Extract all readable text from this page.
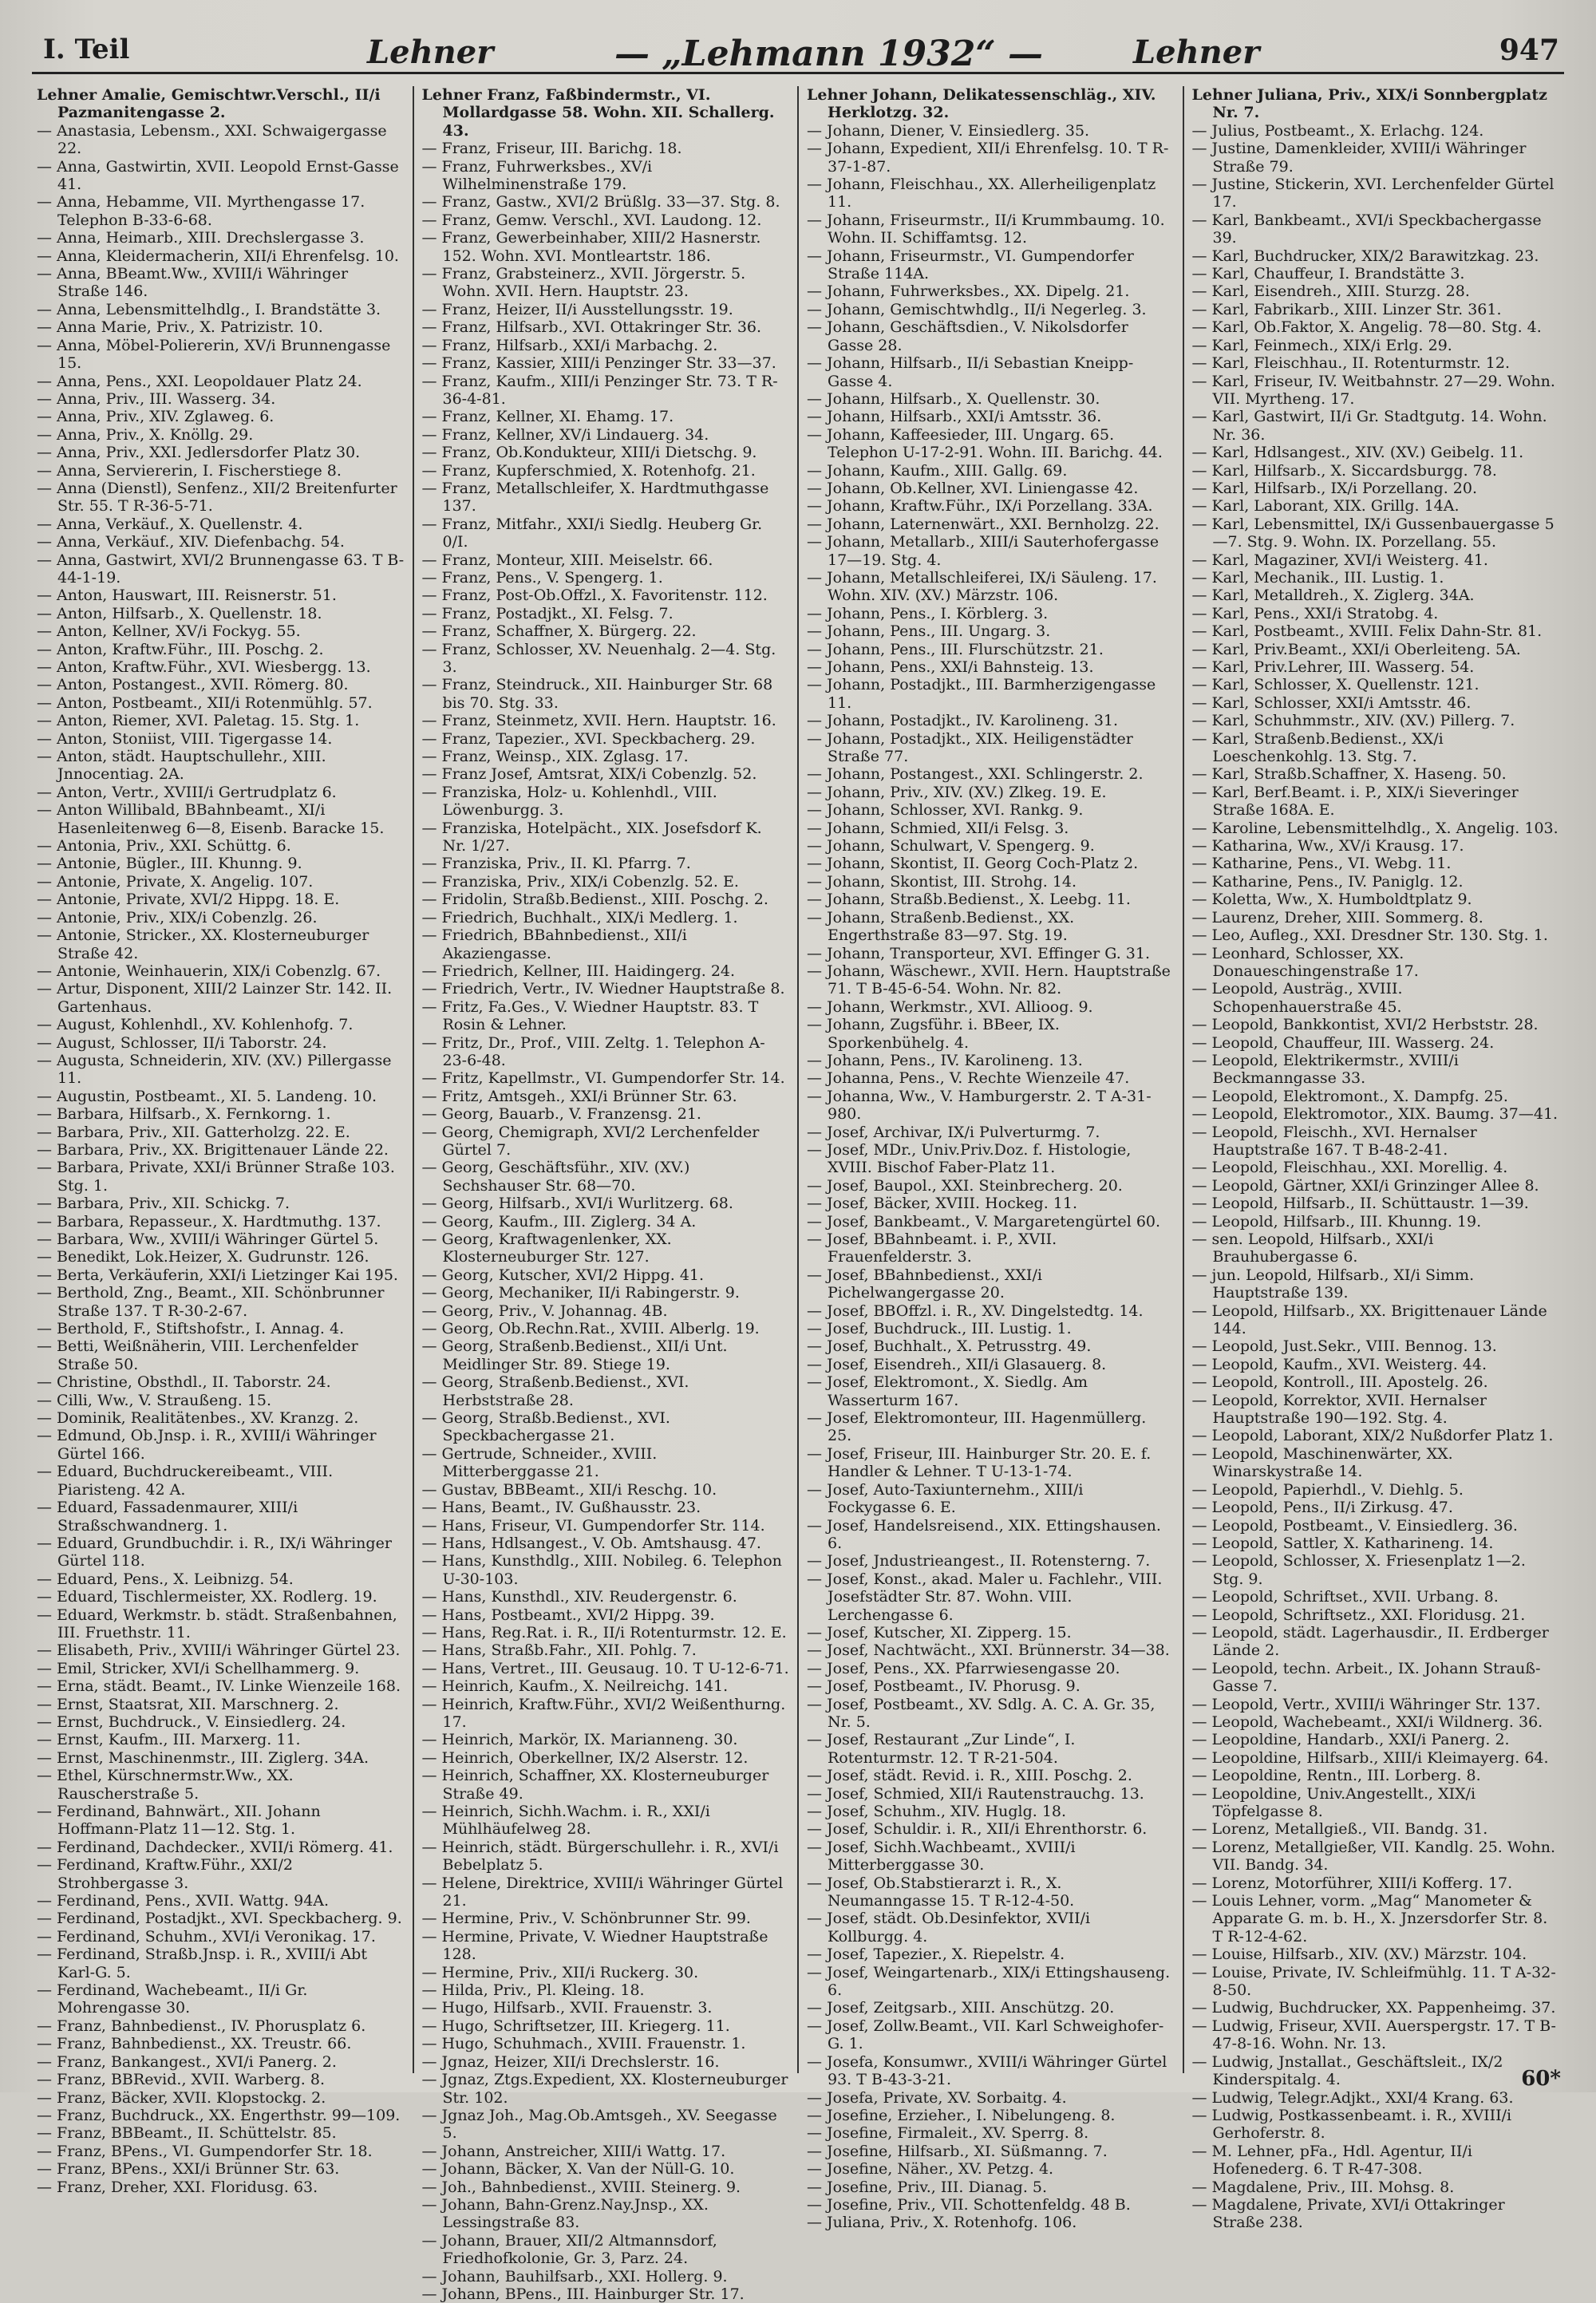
I. Teil	Lehner	— „Lehmann 1932“ —	Lehner	947
Lehner Amalie, Gemischtwr.Verschl., II/i Pazmanitengasse 2.
— Anastasia, Lebensm., XXI. Schwaigergasse 22.
— Anna, Gastwirtin, XVII. Leopold Ernst-Gasse 41.
— Anna, Hebamme, VII. Myrthengasse 17. Telephon B-33-6-68.
— Anna, Heimarb., XIII. Drechslergasse 3.
— Anna, Kleidermacherin, XII/i Ehrenfelsg. 10.
— Anna, BBeamt.Ww., XVIII/i Währinger Straße 146.
— Anna, Lebensmittelhdlg., I. Brandstätte 3.
— Anna Marie, Priv., X. Patrizistr. 10.
— Anna, Möbel-Poliererin, XV/i Brunnengasse 15.
— Anna, Pens., XXI. Leopoldauer Platz 24.
— Anna, Priv., III. Wasserg. 34.
— Anna, Priv., XIV. Zglaweg. 6.
— Anna, Priv., X. Knöllg. 29.
— Anna, Priv., XXI. Jedlersdorfer Platz 30.
— Anna, Serviererin, I. Fischerstiege 8.
— Anna (Dienstl), Senfenz., XII/2 Breitenfurter Str. 55. T R-36-5-71.
— Anna, Verkäuf., X. Quellenstr. 4.
— Anna, Verkäuf., XIV. Diefenbachg. 54.
— Anna, Gastwirt, XVI/2 Brunnengasse 63. T B-44-1-19.
— Anton, Hauswart, III. Reisnerstr. 51.
— Anton, Hilfsarb., X. Quellenstr. 18.
— Anton, Kellner, XV/i Fockyg. 55.
— Anton, Kraftw.Führ., III. Poschg. 2.
— Anton, Kraftw.Führ., XVI. Wiesbergg. 13.
— Anton, Postangest., XVII. Römerg. 80.
— Anton, Postbeamt., XII/i Rotenmühlg. 57.
— Anton, Riemer, XVI. Paletag. 15. Stg. 1.
— Anton, Stoniist, VIII. Tigergasse 14.
— Anton, städt. Hauptschullehr., XIII. Jnnocentiag. 2A.
— Anton, Vertr., XVIII/i Gertrudplatz 6.
— Anton Willibald, BBahnbeamt., XI/i Hasenleitenweg 6—8, Eisenb. Baracke 15.
— Antonia, Priv., XXI. Schüttg. 6.
— Antonie, Bügler., III. Khunng. 9.
— Antonie, Private, X. Angelig. 107.
— Antonie, Private, XVI/2 Hippg. 18. E.
— Antonie, Priv., XIX/i Cobenzlg. 26.
— Antonie, Stricker., XX. Klosterneuburger Straße 42.
— Antonie, Weinhauerin, XIX/i Cobenzlg. 67.
— Artur, Disponent, XIII/2 Lainzer Str. 142. II. Gartenhaus.
— August, Kohlenhdl., XV. Kohlenhofg. 7.
— August, Schlosser, II/i Taborstr. 24.
— Augusta, Schneiderin, XIV. (XV.) Pillergasse 11.
— Augustin, Postbeamt., XI. 5. Landeng. 10.
— Barbara, Hilfsarb., X. Fernkorng. 1.
— Barbara, Priv., XII. Gatterholzg. 22. E.
— Barbara, Priv., XX. Brigittenauer Lände 22.
— Barbara, Private, XXI/i Brünner Straße 103. Stg. 1.
— Barbara, Priv., XII. Schickg. 7.
— Barbara, Repasseur., X. Hardtmuthg. 137.
— Barbara, Ww., XVIII/i Währinger Gürtel 5.
— Benedikt, Lok.Heizer, X. Gudrunstr. 126.
— Berta, Verkäuferin, XXI/i Lietzinger Kai 195.
— Berthold, Zng., Beamt., XII. Schönbrunner Straße 137. T R-30-2-67.
— Berthold, F., Stiftshofstr., I. Annag. 4.
— Betti, Weißnäherin, VIII. Lerchenfelder Straße 50.
— Christine, Obsthdl., II. Taborstr. 24.
— Cilli, Ww., V. Straußeng. 15.
— Dominik, Realitätenbes., XV. Kranzg. 2.
— Edmund, Ob.Jnsp. i. R., XVIII/i Währinger Gürtel 166.
— Eduard, Buchdruckereibeamt., VIII. Piaristeng. 42 A.
— Eduard, Fassadenmaurer, XIII/i Straßschwandnerg. 1.
— Eduard, Grundbuchdir. i. R., IX/i Währinger Gürtel 118.
— Eduard, Pens., X. Leibnizg. 54.
— Eduard, Tischlermeister, XX. Rodlerg. 19.
— Eduard, Werkmstr. b. städt. Straßenbahnen, III. Fruethstr. 11.
— Elisabeth, Priv., XVIII/i Währinger Gürtel 23.
— Emil, Stricker, XVI/i Schellhammerg. 9.
— Erna, städt. Beamt., IV. Linke Wienzeile 168.
— Ernst, Staatsrat, XII. Marschnerg. 2.
— Ernst, Buchdruck., V. Einsiedlerg. 24.
— Ernst, Kaufm., III. Marxerg. 11.
— Ernst, Maschinenmstr., III. Ziglerg. 34A.
— Ethel, Kürschnermstr.Ww., XX. Rauscherstraße 5.
— Ferdinand, Bahnwärt., XII. Johann Hoffmann-Platz 11—12. Stg. 1.
— Ferdinand, Dachdecker., XVII/i Römerg. 41.
— Ferdinand, Kraftw.Führ., XXI/2 Strohbergasse 3.
— Ferdinand, Pens., XVII. Wattg. 94A.
— Ferdinand, Postadjkt., XVI. Speckbacherg. 9.
— Ferdinand, Schuhm., XVI/i Veronikag. 17.
— Ferdinand, Straßb.Jnsp. i. R., XVIII/i Abt Karl-G. 5.
— Ferdinand, Wachebeamt., II/i Gr. Mohrengasse 30.
— Franz, Bahnbedienst., IV. Phorusplatz 6.
— Franz, Bahnbedienst., XX. Treustr. 66.
— Franz, Bankangest., XVI/i Panerg. 2.
— Franz, BBRevid., XVII. Warberg. 8.
— Franz, Bäcker, XVII. Klopstockg. 2.
— Franz, Buchdruck., XX. Engerthstr. 99—109.
— Franz, BBBeamt., II. Schüttelstr. 85.
— Franz, BPens., VI. Gumpendorfer Str. 18.
— Franz, BPens., XXI/i Brünner Str. 63.
— Franz, Dreher, XXI. Floridusg. 63.
Lehner Franz, Faßbindermstr., VI. Mollardgasse 58. Wohn. XII. Schallerg. 43.
— Franz, Friseur, III. Barichg. 18.
— Franz, Fuhrwerksbes., XV/i Wilhelminenstraße 179.
— Franz, Gastw., XVI/2 Brüßlg. 33—37. Stg. 8.
— Franz, Gemw. Verschl., XVI. Laudong. 12.
— Franz, Gewerbeinhaber, XIII/2 Hasnerstr. 152. Wohn. XVI. Montleartstr. 186.
— Franz, Grabsteinerz., XVII. Jörgerstr. 5. Wohn. XVII. Hern. Hauptstr. 23.
— Franz, Heizer, II/i Ausstellungsstr. 19.
— Franz, Hilfsarb., XVI. Ottakringer Str. 36.
— Franz, Hilfsarb., XXI/i Marbachg. 2.
— Franz, Kassier, XIII/i Penzinger Str. 33—37.
— Franz, Kaufm., XIII/i Penzinger Str. 73. T R-36-4-81.
— Franz, Kellner, XI. Ehamg. 17.
— Franz, Kellner, XV/i Lindauerg. 34.
— Franz, Ob.Kondukteur, XIII/i Dietschg. 9.
— Franz, Kupferschmied, X. Rotenhofg. 21.
— Franz, Metallschleifer, X. Hardtmuthgasse 137.
— Franz, Mitfahr., XXI/i Siedlg. Heuberg Gr. 0/I.
— Franz, Monteur, XIII. Meiselstr. 66.
— Franz, Pens., V. Spengerg. 1.
— Franz, Post-Ob.Offzl., X. Favoritenstr. 112.
— Franz, Postadjkt., XI. Felsg. 7.
— Franz, Schaffner, X. Bürgerg. 22.
— Franz, Schlosser, XV. Neuenhalg. 2—4. Stg. 3.
— Franz, Steindruck., XII. Hainburger Str. 68 bis 70. Stg. 33.
— Franz, Steinmetz, XVII. Hern. Hauptstr. 16.
— Franz, Tapezier., XVI. Speckbacherg. 29.
— Franz, Weinsp., XIX. Zglasg. 17.
— Franz Josef, Amtsrat, XIX/i Cobenzlg. 52.
— Franziska, Holz- u. Kohlenhdl., VIII. Löwenburgg. 3.
— Franziska, Hotelpächt., XIX. Josefsdorf K. Nr. 1/27.
— Franziska, Priv., II. Kl. Pfarrg. 7.
— Franziska, Priv., XIX/i Cobenzlg. 52. E.
— Fridolin, Straßb.Bedienst., XIII. Poschg. 2.
— Friedrich, Buchhalt., XIX/i Medlerg. 1.
— Friedrich, BBahnbedienst., XII/i Akaziengasse.
— Friedrich, Kellner, III. Haidingerg. 24.
— Friedrich, Vertr., IV. Wiedner Hauptstraße 8.
— Fritz, Fa.Ges., V. Wiedner Hauptstr. 83. T Rosin & Lehner.
— Fritz, Dr., Prof., VIII. Zeltg. 1. Telephon A-23-6-48.
— Fritz, Kapellmstr., VI. Gumpendorfer Str. 14.
— Fritz, Amtsgeh., XXI/i Brünner Str. 63.
— Georg, Bauarb., V. Franzensg. 21.
— Georg, Chemigraph, XVI/2 Lerchenfelder Gürtel 7.
— Georg, Geschäftsführ., XIV. (XV.) Sechshauser Str. 68—70.
— Georg, Hilfsarb., XVI/i Wurlitzerg. 68.
— Georg, Kaufm., III. Ziglerg. 34 A.
— Georg, Kraftwagenlenker, XX. Klosterneuburger Str. 127.
— Georg, Kutscher, XVI/2 Hippg. 41.
— Georg, Mechaniker, II/i Rabingerstr. 9.
— Georg, Priv., V. Johannag. 4B.
— Georg, Ob.Rechn.Rat., XVIII. Alberlg. 19.
— Georg, Straßenb.Bedienst., XII/i Unt. Meidlinger Str. 89. Stiege 19.
— Georg, Straßenb.Bedienst., XVI. Herbststraße 28.
— Georg, Straßb.Bedienst., XVI. Speckbachergasse 21.
— Gertrude, Schneider., XVIII. Mitterberggasse 21.
— Gustav, BBBeamt., XII/i Reschg. 10.
— Hans, Beamt., IV. Gußhausstr. 23.
— Hans, Friseur, VI. Gumpendorfer Str. 114.
— Hans, Hdlsangest., V. Ob. Amtshausg. 47.
— Hans, Kunsthdlg., XIII. Nobileg. 6. Telephon U-30-103.
— Hans, Kunsthdl., XIV. Reudergenstr. 6.
— Hans, Postbeamt., XVI/2 Hippg. 39.
— Hans, Reg.Rat. i. R., II/i Rotenturmstr. 12. E.
— Hans, Straßb.Fahr., XII. Pohlg. 7.
— Hans, Vertret., III. Geusaug. 10. T U-12-6-71.
— Heinrich, Kaufm., X. Neilreichg. 141.
— Heinrich, Kraftw.Führ., XVI/2 Weißenthurng. 17.
— Heinrich, Markör, IX. Marianneng. 30.
— Heinrich, Oberkellner, IX/2 Alserstr. 12.
— Heinrich, Schaffner, XX. Klosterneuburger Straße 49.
— Heinrich, Sichh.Wachm. i. R., XXI/i Mühlhäufelweg 28.
— Heinrich, städt. Bürgerschullehr. i. R., XVI/i Bebelplatz 5.
— Helene, Direktrice, XVIII/i Währinger Gürtel 21.
— Hermine, Priv., V. Schönbrunner Str. 99.
— Hermine, Private, V. Wiedner Hauptstraße 128.
— Hermine, Priv., XII/i Ruckerg. 30.
— Hilda, Priv., Pl. Kleing. 18.
— Hugo, Hilfsarb., XVII. Frauenstr. 3.
— Hugo, Schriftsetzer, III. Kriegerg. 11.
— Hugo, Schuhmach., XVIII. Frauenstr. 1.
— Jgnaz, Heizer, XII/i Drechslerstr. 16.
— Jgnaz, Ztgs.Expedient, XX. Klosterneuburger Str. 102.
— Jgnaz Joh., Mag.Ob.Amtsgeh., XV. Seegasse 5.
— Johann, Anstreicher, XIII/i Wattg. 17.
— Johann, Bäcker, X. Van der Nüll-G. 10.
— Joh., Bahnbedienst., XVIII. Steinerg. 9.
— Johann, Bahn-Grenz.Nay.Jnsp., XX. Lessingstraße 83.
— Johann, Brauer, XII/2 Altmannsdorf, Friedhofkolonie, Gr. 3, Parz. 24.
— Johann, Bauhilfsarb., XXI. Hollerg. 9.
— Johann, BPens., III. Hainburger Str. 17.
Lehner Johann, Delikatessenschläg., XIV. Herklotzg. 32.
— Johann, Diener, V. Einsiedlerg. 35.
— Johann, Expedient, XII/i Ehrenfelsg. 10. T R-37-1-87.
— Johann, Fleischhau., XX. Allerheiligenplatz 11.
— Johann, Friseurmstr., II/i Krummbaumg. 10. Wohn. II. Schiffamtsg. 12.
— Johann, Friseurmstr., VI. Gumpendorfer Straße 114A.
— Johann, Fuhrwerksbes., XX. Dipelg. 21.
— Johann, Gemischtwhdlg., II/i Negerleg. 3.
— Johann, Geschäftsdien., V. Nikolsdorfer Gasse 28.
— Johann, Hilfsarb., II/i Sebastian Kneipp-Gasse 4.
— Johann, Hilfsarb., X. Quellenstr. 30.
— Johann, Hilfsarb., XXI/i Amtsstr. 36.
— Johann, Kaffeesieder, III. Ungarg. 65. Telephon U-17-2-91. Wohn. III. Barichg. 44.
— Johann, Kaufm., XIII. Gallg. 69.
— Johann, Ob.Kellner, XVI. Liniengasse 42.
— Johann, Kraftw.Führ., IX/i Porzellang. 33A.
— Johann, Laternenwärt., XXI. Bernholzg. 22.
— Johann, Metallarb., XIII/i Sauterhofergasse 17—19. Stg. 4.
— Johann, Metallschleiferei, IX/i Säuleng. 17. Wohn. XIV. (XV.) Märzstr. 106.
— Johann, Pens., I. Körblerg. 3.
— Johann, Pens., III. Ungarg. 3.
— Johann, Pens., III. Flurschützstr. 21.
— Johann, Pens., XXI/i Bahnsteig. 13.
— Johann, Postadjkt., III. Barmherzigengasse 11.
— Johann, Postadjkt., IV. Karolineng. 31.
— Johann, Postadjkt., XIX. Heiligenstädter Straße 77.
— Johann, Postangest., XXI. Schlingerstr. 2.
— Johann, Priv., XIV. (XV.) Zlkeg. 19. E.
— Johann, Schlosser, XVI. Rankg. 9.
— Johann, Schmied, XII/i Felsg. 3.
— Johann, Schulwart, V. Spengerg. 9.
— Johann, Skontist, II. Georg Coch-Platz 2.
— Johann, Skontist, III. Strohg. 14.
— Johann, Straßb.Bedienst., X. Leebg. 11.
— Johann, Straßenb.Bedienst., XX. Engerthstraße 83—97. Stg. 19.
— Johann, Transporteur, XVI. Effinger G. 31.
— Johann, Wäschewr., XVII. Hern. Hauptstraße 71. T B-45-6-54. Wohn. Nr. 82.
— Johann, Werkmstr., XVI. Allioog. 9.
— Johann, Zugsführ. i. BBeer, IX. Sporkenbühelg. 4.
— Johann, Pens., IV. Karolineng. 13.
— Johanna, Pens., V. Rechte Wienzeile 47.
— Johanna, Ww., V. Hamburgerstr. 2. T A-31-980.
— Josef, Archivar, IX/i Pulverturmg. 7.
— Josef, MDr., Univ.Priv.Doz. f. Histologie, XVIII. Bischof Faber-Platz 11.
— Josef, Baupol., XXI. Steinbrecherg. 20.
— Josef, Bäcker, XVIII. Hockeg. 11.
— Josef, Bankbeamt., V. Margaretengürtel 60.
— Josef, BBahnbeamt. i. P., XVII. Frauenfelderstr. 3.
— Josef, BBahnbedienst., XXI/i Pichelwangergasse 20.
— Josef, BBOffzl. i. R., XV. Dingelstedtg. 14.
— Josef, Buchdruck., III. Lustig. 1.
— Josef, Buchhalt., X. Petrusstrg. 49.
— Josef, Eisendreh., XII/i Glasauerg. 8.
— Josef, Elektromont., X. Siedlg. Am Wasserturm 167.
— Josef, Elektromonteur, III. Hagenmüllerg. 25.
— Josef, Friseur, III. Hainburger Str. 20. E. f. Handler & Lehner. T U-13-1-74.
— Josef, Auto-Taxiunternehm., XIII/i Fockygasse 6. E.
— Josef, Handelsreisend., XIX. Ettingshausen. 6.
— Josef, Jndustrieangest., II. Rotensterng. 7.
— Josef, Konst., akad. Maler u. Fachlehr., VIII. Josefstädter Str. 87. Wohn. VIII. Lerchengasse 6.
— Josef, Kutscher, XI. Zipperg. 15.
— Josef, Nachtwächt., XXI. Brünnerstr. 34—38.
— Josef, Pens., XX. Pfarrwiesengasse 20.
— Josef, Postbeamt., IV. Phorusg. 9.
— Josef, Postbeamt., XV. Sdlg. A. C. A. Gr. 35, Nr. 5.
— Josef, Restaurant „Zur Linde“, I. Rotenturmstr. 12. T R-21-504.
— Josef, städt. Revid. i. R., XIII. Poschg. 2.
— Josef, Schmied, XII/i Rautenstrauchg. 13.
— Josef, Schuhm., XIV. Huglg. 18.
— Josef, Schuldir. i. R., XII/i Ehrenthorstr. 6.
— Josef, Sichh.Wachbeamt., XVIII/i Mitterberggasse 30.
— Josef, Ob.Stabstierarzt i. R., X. Neumanngasse 15. T R-12-4-50.
— Josef, städt. Ob.Desinfektor, XVII/i Kollburgg. 4.
— Josef, Tapezier., X. Riepelstr. 4.
— Josef, Weingartenarb., XIX/i Ettingshauseng. 6.
— Josef, Zeitgsarb., XIII. Anschützg. 20.
— Josef, Zollw.Beamt., VII. Karl Schweighofer-G. 1.
— Josefa, Konsumwr., XVIII/i Währinger Gürtel 93. T B-43-3-21.
— Josefa, Private, XV. Sorbaitg. 4.
— Josefine, Erzieher., I. Nibelungeng. 8.
— Josefine, Firmaleit., XV. Sperrg. 8.
— Josefine, Hilfsarb., XI. Süßmanng. 7.
— Josefine, Näher., XV. Petzg. 4.
— Josefine, Priv., III. Dianag. 5.
— Josefine, Priv., VII. Schottenfeldg. 48 B.
— Juliana, Priv., X. Rotenhofg. 106.
Lehner Juliana, Priv., XIX/i Sonnbergplatz Nr. 7.
— Julius, Postbeamt., X. Erlachg. 124.
— Justine, Damenkleider, XVIII/i Währinger Straße 79.
— Justine, Stickerin, XVI. Lerchenfelder Gürtel 17.
— Karl, Bankbeamt., XVI/i Speckbachergasse 39.
— Karl, Buchdrucker, XIX/2 Barawitzkag. 23.
— Karl, Chauffeur, I. Brandstätte 3.
— Karl, Eisendreh., XIII. Sturzg. 28.
— Karl, Fabrikarb., XIII. Linzer Str. 361.
— Karl, Ob.Faktor, X. Angelig. 78—80. Stg. 4.
— Karl, Feinmech., XIX/i Erlg. 29.
— Karl, Fleischhau., II. Rotenturmstr. 12.
— Karl, Friseur, IV. Weitbahnstr. 27—29. Wohn. VII. Myrtheng. 17.
— Karl, Gastwirt, II/i Gr. Stadtgutg. 14. Wohn. Nr. 36.
— Karl, Hdlsangest., XIV. (XV.) Geibelg. 11.
— Karl, Hilfsarb., X. Siccardsburgg. 78.
— Karl, Hilfsarb., IX/i Porzellang. 20.
— Karl, Laborant, XIX. Grillg. 14A.
— Karl, Lebensmittel, IX/i Gussenbauergasse 5—7. Stg. 9. Wohn. IX. Porzellang. 55.
— Karl, Magaziner, XVI/i Weisterg. 41.
— Karl, Mechanik., III. Lustig. 1.
— Karl, Metalldreh., X. Ziglerg. 34A.
— Karl, Pens., XXI/i Stratobg. 4.
— Karl, Postbeamt., XVIII. Felix Dahn-Str. 81.
— Karl, Priv.Beamt., XXI/i Oberleiteng. 5A.
— Karl, Priv.Lehrer, III. Wasserg. 54.
— Karl, Schlosser, X. Quellenstr. 121.
— Karl, Schlosser, XXI/i Amtsstr. 46.
— Karl, Schuhmmstr., XIV. (XV.) Pillerg. 7.
— Karl, Straßenb.Bedienst., XX/i Loeschenkohlg. 13. Stg. 7.
— Karl, Straßb.Schaffner, X. Haseng. 50.
— Karl, Berf.Beamt. i. P., XIX/i Sieveringer Straße 168A. E.
— Karoline, Lebensmittelhdlg., X. Angelig. 103.
— Katharina, Ww., XV/i Krausg. 17.
— Katharine, Pens., VI. Webg. 11.
— Katharine, Pens., IV. Paniglg. 12.
— Koletta, Ww., X. Humboldtplatz 9.
— Laurenz, Dreher, XIII. Sommerg. 8.
— Leo, Aufleg., XXI. Dresdner Str. 130. Stg. 1.
— Leonhard, Schlosser, XX. Donaueschingenstraße 17.
— Leopold, Austräg., XVIII. Schopenhauerstraße 45.
— Leopold, Bankkontist, XVI/2 Herbststr. 28.
— Leopold, Chauffeur, III. Wasserg. 24.
— Leopold, Elektrikermstr., XVIII/i Beckmanngasse 33.
— Leopold, Elektromont., X. Dampfg. 25.
— Leopold, Elektromotor., XIX. Baumg. 37—41.
— Leopold, Fleischh., XVI. Hernalser Hauptstraße 167. T B-48-2-41.
— Leopold, Fleischhau., XXI. Morellig. 4.
— Leopold, Gärtner, XXI/i Grinzinger Allee 8.
— Leopold, Hilfsarb., II. Schüttaustr. 1—39.
— Leopold, Hilfsarb., III. Khunng. 19.
— sen. Leopold, Hilfsarb., XXI/i Brauhubergasse 6.
— jun. Leopold, Hilfsarb., XI/i Simm. Hauptstraße 139.
— Leopold, Hilfsarb., XX. Brigittenauer Lände 144.
— Leopold, Just.Sekr., VIII. Bennog. 13.
— Leopold, Kaufm., XVI. Weisterg. 44.
— Leopold, Kontroll., III. Apostelg. 26.
— Leopold, Korrektor, XVII. Hernalser Hauptstraße 190—192. Stg. 4.
— Leopold, Laborant, XIX/2 Nußdorfer Platz 1.
— Leopold, Maschinenwärter, XX. Winarskystraße 14.
— Leopold, Papierhdl., V. Diehlg. 5.
— Leopold, Pens., II/i Zirkusg. 47.
— Leopold, Postbeamt., V. Einsiedlerg. 36.
— Leopold, Sattler, X. Katharineng. 14.
— Leopold, Schlosser, X. Friesenplatz 1—2. Stg. 9.
— Leopold, Schriftset., XVII. Urbang. 8.
— Leopold, Schriftsetz., XXI. Floridusg. 21.
— Leopold, städt. Lagerhausdir., II. Erdberger Lände 2.
— Leopold, techn. Arbeit., IX. Johann Strauß-Gasse 7.
— Leopold, Vertr., XVIII/i Währinger Str. 137.
— Leopold, Wachebeamt., XXI/i Wildnerg. 36.
— Leopoldine, Handarb., XXI/i Panerg. 2.
— Leopoldine, Hilfsarb., XIII/i Kleimayerg. 64.
— Leopoldine, Rentn., III. Lorberg. 8.
— Leopoldine, Univ.Angestellt., XIX/i Töpfelgasse 8.
— Lorenz, Metallgieß., VII. Bandg. 31.
— Lorenz, Metallgießer, VII. Kandlg. 25. Wohn. VII. Bandg. 34.
— Lorenz, Motorführer, XIII/i Kofferg. 17.
— Louis Lehner, vorm. „Mag“ Manometer & Apparate G. m. b. H., X. Jnzersdorfer Str. 8. T R-12-4-62.
— Louise, Hilfsarb., XIV. (XV.) Märzstr. 104.
— Louise, Private, IV. Schleifmühlg. 11. T A-32-8-50.
— Ludwig, Buchdrucker, XX. Pappenheimg. 37.
— Ludwig, Friseur, XVII. Auerspergstr. 17. T B-47-8-16. Wohn. Nr. 13.
— Ludwig, Jnstallat., Geschäftsleit., IX/2 Kinderspitalg. 4.
— Ludwig, Telegr.Adjkt., XXI/4 Krang. 63.
— Ludwig, Postkassenbeamt. i. R., XVIII/i Gerhoferstr. 8.
— M. Lehner, pFa., Hdl. Agentur, II/i Hofenederg. 6. T R-47-308.
— Magdalene, Priv., III. Mohsg. 8.
— Magdalene, Private, XVI/i Ottakringer Straße 238.
60*
